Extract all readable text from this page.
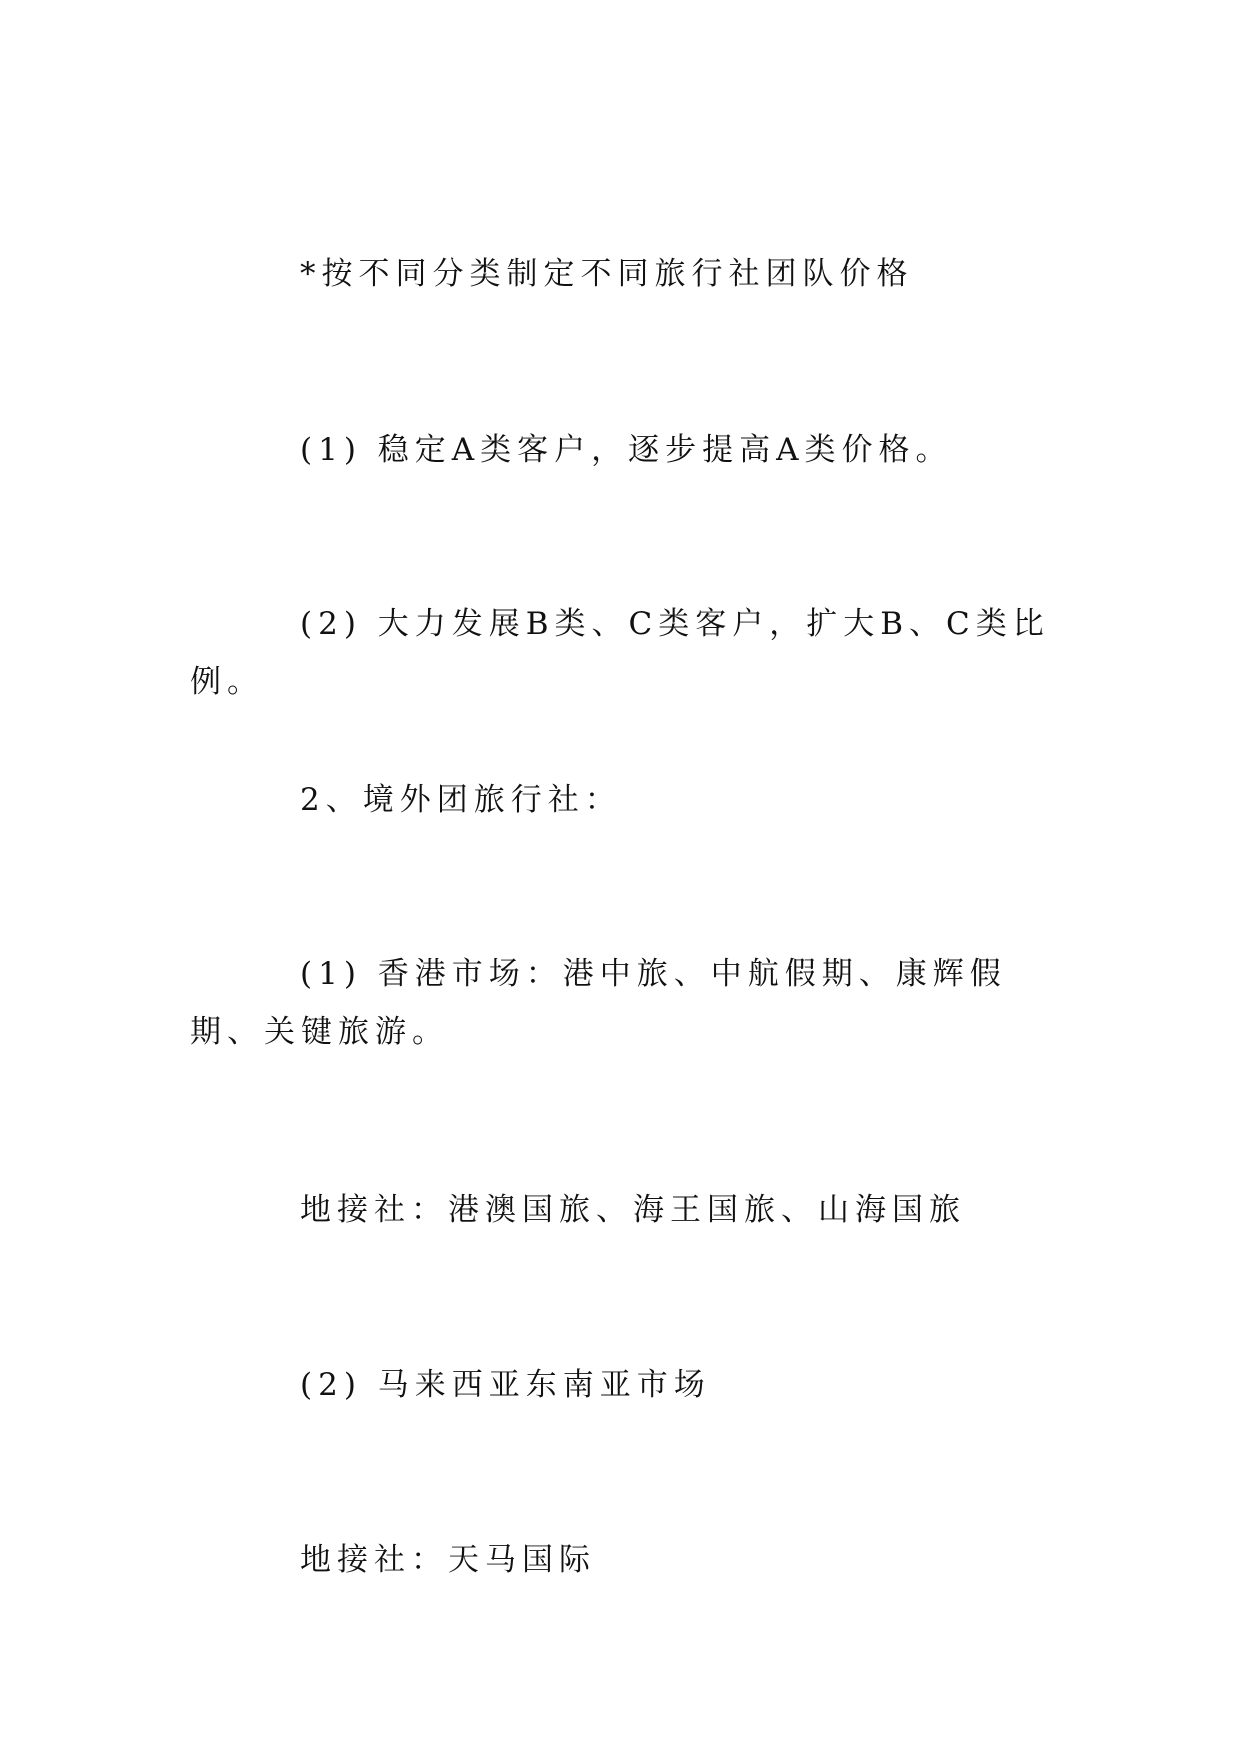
*按不同分类制定不同旅行社团队价格

(1) 稳定A类客户，逐步提高A类价格。

(2) 大力发展B类、C类客户，扩大B、C类比例。

2、境外团旅行社：

(1) 香港市场：港中旅、中航假期、康辉假期、关键旅游。

地接社：港澳国旅、海王国旅、山海国旅

(2) 马来西亚东南亚市场

地接社：天马国际
